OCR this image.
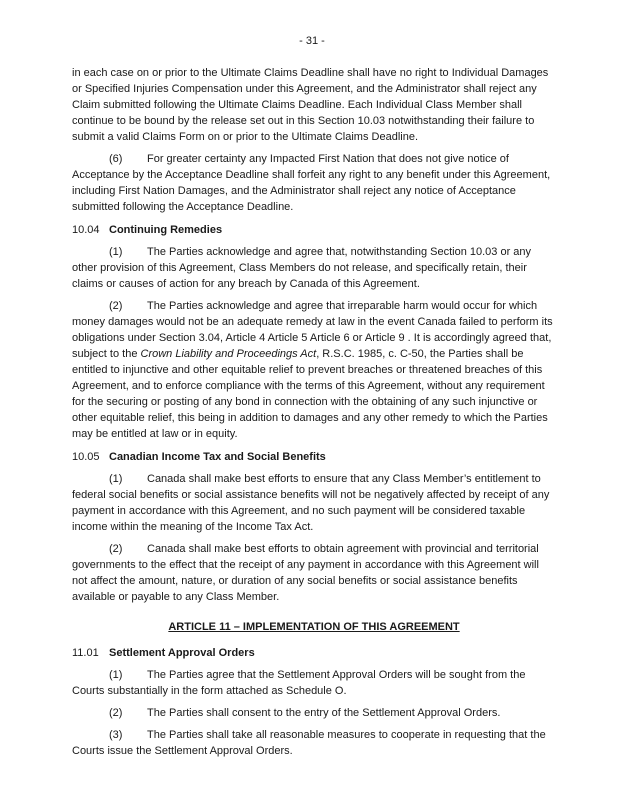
- 31 -

in each case on or prior to the Ultimate Claims Deadline shall have no right to Individual Damages or Specified Injuries Compensation under this Agreement, and the Administrator shall reject any Claim submitted following the Ultimate Claims Deadline. Each Individual Class Member shall continue to be bound by the release set out in this Section 10.03 notwithstanding their failure to submit a valid Claims Form on or prior to the Ultimate Claims Deadline.

(6) For greater certainty any Impacted First Nation that does not give notice of Acceptance by the Acceptance Deadline shall forfeit any right to any benefit under this Agreement, including First Nation Damages, and the Administrator shall reject any notice of Acceptance submitted following the Acceptance Deadline.

10.04 Continuing Remedies

(1) The Parties acknowledge and agree that, notwithstanding Section 10.03 or any other provision of this Agreement, Class Members do not release, and specifically retain, their claims or causes of action for any breach by Canada of this Agreement.

(2) The Parties acknowledge and agree that irreparable harm would occur for which money damages would not be an adequate remedy at law in the event Canada failed to perform its obligations under Section 3.04, Article 4 Article 5 Article 6 or Article 9 . It is accordingly agreed that, subject to the Crown Liability and Proceedings Act, R.S.C. 1985, c. C-50, the Parties shall be entitled to injunctive and other equitable relief to prevent breaches or threatened breaches of this Agreement, and to enforce compliance with the terms of this Agreement, without any requirement for the securing or posting of any bond in connection with the obtaining of any such injunctive or other equitable relief, this being in addition to damages and any other remedy to which the Parties may be entitled at law or in equity.

10.05 Canadian Income Tax and Social Benefits

(1) Canada shall make best efforts to ensure that any Class Member’s entitlement to federal social benefits or social assistance benefits will not be negatively affected by receipt of any payment in accordance with this Agreement, and no such payment will be considered taxable income within the meaning of the Income Tax Act.

(2) Canada shall make best efforts to obtain agreement with provincial and territorial governments to the effect that the receipt of any payment in accordance with this Agreement will not affect the amount, nature, or duration of any social benefits or social assistance benefits available or payable to any Class Member.

ARTICLE 11 – IMPLEMENTATION OF THIS AGREEMENT

11.01 Settlement Approval Orders

(1) The Parties agree that the Settlement Approval Orders will be sought from the Courts substantially in the form attached as Schedule O.

(2) The Parties shall consent to the entry of the Settlement Approval Orders.

(3) The Parties shall take all reasonable measures to cooperate in requesting that the Courts issue the Settlement Approval Orders.
